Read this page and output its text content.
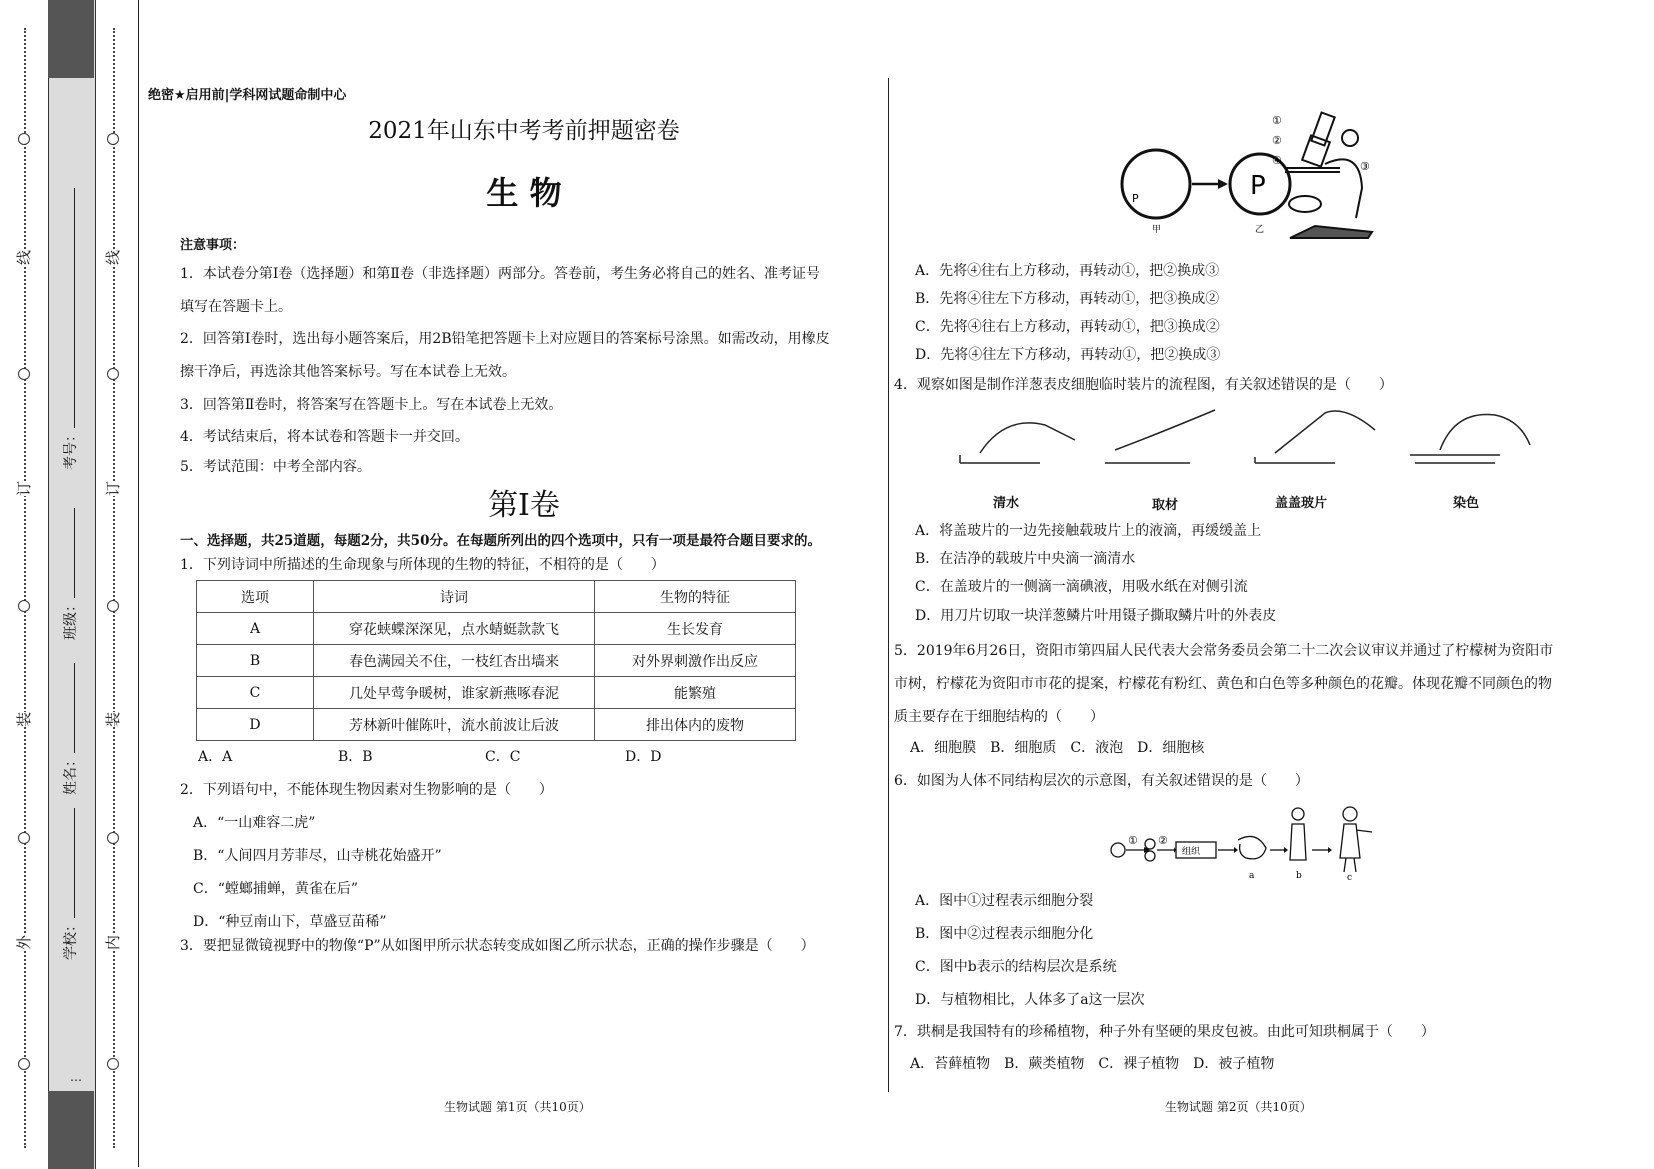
外
装
订
线
内
装
订
线
学校：
姓名：
班级：
考号：
…
绝密★启用前|学科网试题命制中心
2021年山东中考考前押题密卷
生 物
注意事项：
1．本试卷分第Ⅰ卷（选择题）和第Ⅱ卷（非选择题）两部分。答卷前，考生务必将自己的姓名、准考证号
填写在答题卡上。
2．回答第Ⅰ卷时，选出每小题答案后，用2B铅笔把答题卡上对应题目的答案标号涂黑。如需改动，用橡皮
擦干净后，再选涂其他答案标号。写在本试卷上无效。
3．回答第Ⅱ卷时，将答案写在答题卡上。写在本试卷上无效。
4．考试结束后，将本试卷和答题卡一并交回。
5．考试范围：中考全部内容。
第Ⅰ卷
一、选择题，共25道题，每题2分，共50分。在每题所列出的四个选项中，只有一项是最符合题目要求的。
1．下列诗词中所描述的生命现象与所体现的生物的特征，不相符的是（　　）
选项	诗词	生物的特征
A	穿花蛱蝶深深见，点水蜻蜓款款飞	生长发育
B	春色满园关不住，一枝红杏出墙来	对外界刺激作出反应
C	几处早莺争暖树，谁家新燕啄春泥	能繁殖
D	芳林新叶催陈叶，流水前波让后波	排出体内的废物
A．A	B．B	C．C	D．D
2．下列语句中，不能体现生物因素对生物影响的是（　　）
A．“一山难容二虎”
B．“人间四月芳菲尽，山寺桃花始盛开”
C．“螳螂捕蝉，黄雀在后”
D．“种豆南山下，草盛豆苗稀”
3．要把显微镜视野中的物像“P”从如图甲所示状态转变成如图乙所示状态，正确的操作步骤是（　　）
生物试题 第1页（共10页）
P	P
甲	乙
①
②
④	③
A．先将④往右上方移动，再转动①，把②换成③
B．先将④往左下方移动，再转动①，把③换成②
C．先将④往右上方移动，再转动①，把③换成②
D．先将④往左下方移动，再转动①，把②换成③
4．观察如图是制作洋葱表皮细胞临时装片的流程图，有关叙述错误的是（　　）
清水	取材	盖盖玻片	染色
A．将盖玻片的一边先接触载玻片上的液滴，再缓缓盖上
B．在洁净的载玻片中央滴一滴清水
C．在盖玻片的一侧滴一滴碘液，用吸水纸在对侧引流
D．用刀片切取一块洋葱鳞片叶用镊子撕取鳞片叶的外表皮
5．2019年6月26日，资阳市第四届人民代表大会常务委员会第二十二次会议审议并通过了柠檬树为资阳市
市树，柠檬花为资阳市市花的提案，柠檬花有粉红、黄色和白色等多种颜色的花瓣。体现花瓣不同颜色的物
质主要存在于细胞结构的（　　）
A．细胞膜　B．细胞质　C．液泡　D．细胞核
6．如图为人体不同结构层次的示意图，有关叙述错误的是（　　）
① ②
组织
a	b	c
A．图中①过程表示细胞分裂
B．图中②过程表示细胞分化
C．图中b表示的结构层次是系统
D．与植物相比，人体多了a这一层次
7．珙桐是我国特有的珍稀植物，种子外有坚硬的果皮包被。由此可知珙桐属于（　　）
A．苔藓植物　B．蕨类植物　C．裸子植物　D．被子植物
生物试题 第2页（共10页）
